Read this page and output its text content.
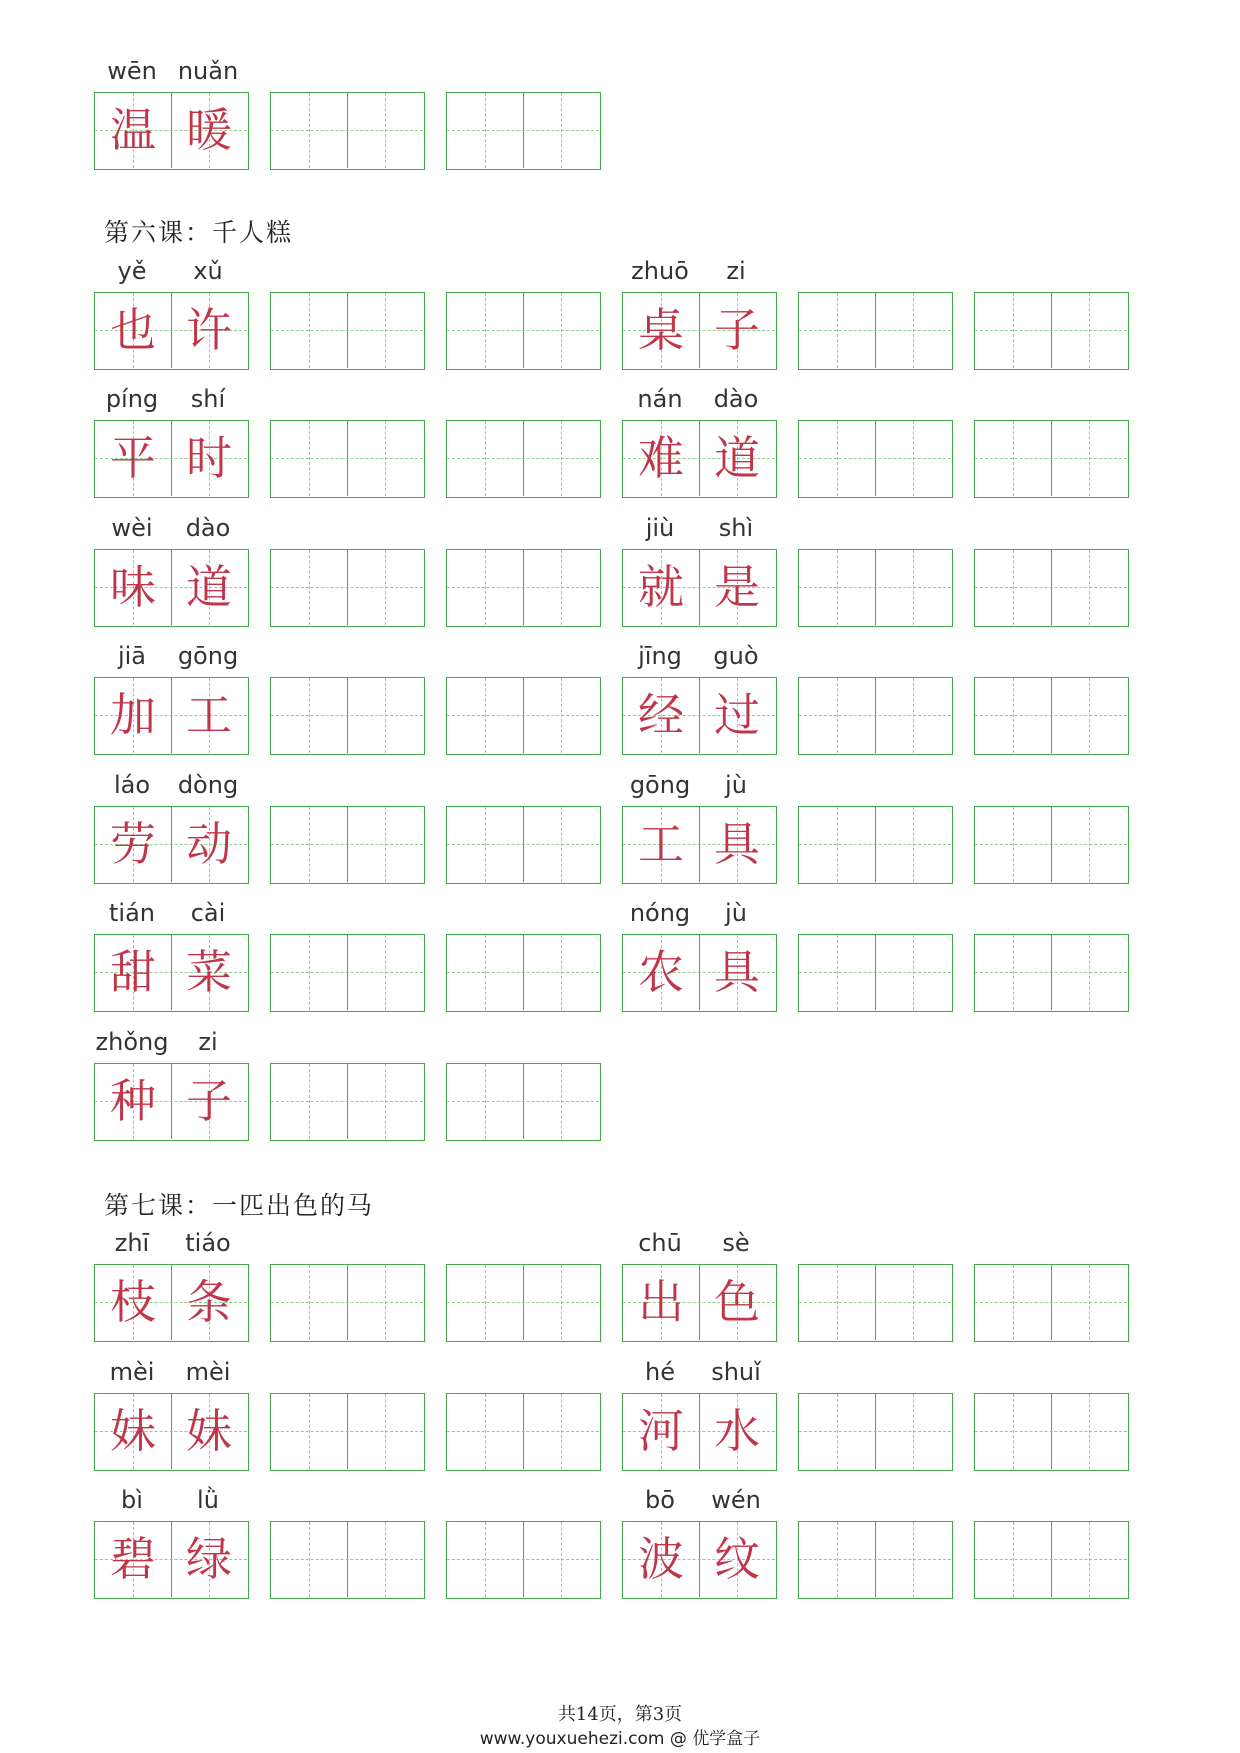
wēn nuǎn
温 暖
第六课：千人糕
yě	xǔ
也 许
zhuō	zi
桌 子
píng	shí
平 时
nán	dào
难 道
wèi	dào
味 道
jiù	shì
就 是
jiā	gōng
加 工
jīng	guò
经 过
láo	dòng
劳 动
gōng	jù
工 具
tián	cài
甜 菜
nóng	jù
农 具
zhǒng	zi
种 子
第七课：一匹出色的马
zhī	tiáo
枝 条
chū	sè
出 色
mèi	mèi
妹 妹
hé	shuǐ
河 水
bì	lǜ
碧 绿
bō	wén
波 纹
共14页，第3页
www.youxuehezi.com @ 优学盒子
